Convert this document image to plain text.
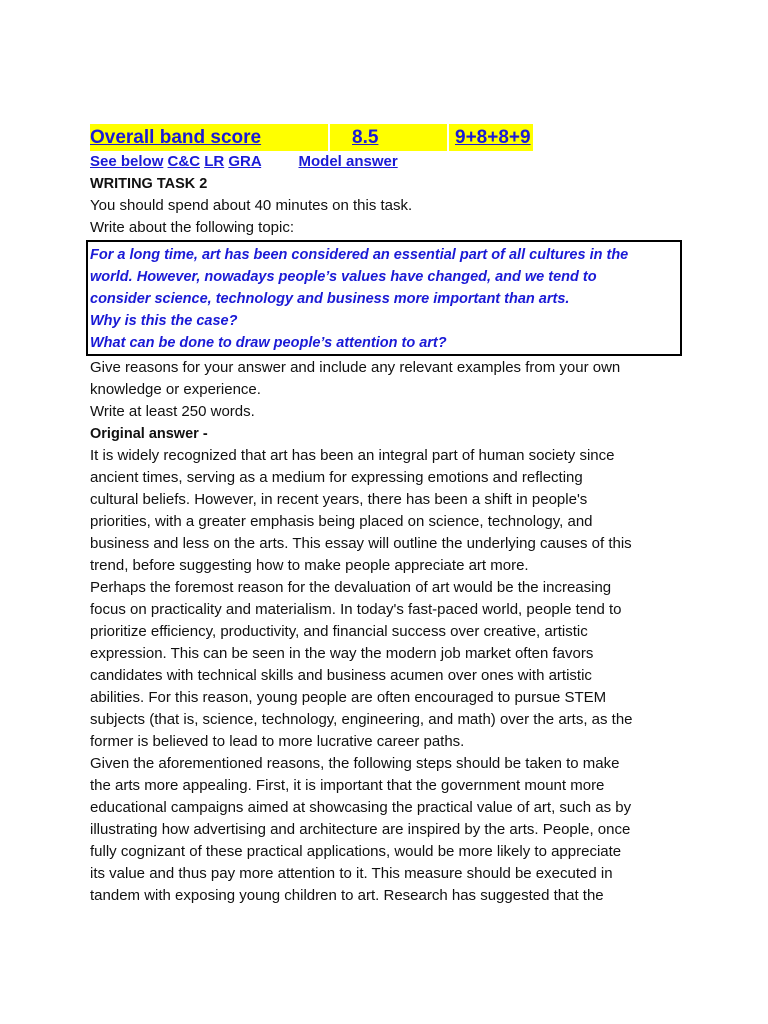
Overall band score	8.5	9+8+8+9
See below C&C LR GRA Model answer
WRITING TASK 2
You should spend about 40 minutes on this task.
Write about the following topic:
For a long time, art has been considered an essential part of all cultures in the
world. However, nowadays people’s values have changed, and we tend to
consider science, technology and business more important than arts.
Why is this the case?
What can be done to draw people’s attention to art?
Give reasons for your answer and include any relevant examples from your own
knowledge or experience.
Write at least 250 words.
Original answer -
It is widely recognized that art has been an integral part of human society since
ancient times, serving as a medium for expressing emotions and reflecting
cultural beliefs. However, in recent years, there has been a shift in people's
priorities, with a greater emphasis being placed on science, technology, and
business and less on the arts. This essay will outline the underlying causes of this
trend, before suggesting how to make people appreciate art more.
Perhaps the foremost reason for the devaluation of art would be the increasing
focus on practicality and materialism. In today's fast-paced world, people tend to
prioritize efficiency, productivity, and financial success over creative, artistic
expression. This can be seen in the way the modern job market often favors
candidates with technical skills and business acumen over ones with artistic
abilities. For this reason, young people are often encouraged to pursue STEM
subjects (that is, science, technology, engineering, and math) over the arts, as the
former is believed to lead to more lucrative career paths.
Given the aforementioned reasons, the following steps should be taken to make
the arts more appealing. First, it is important that the government mount more
educational campaigns aimed at showcasing the practical value of art, such as by
illustrating how advertising and architecture are inspired by the arts. People, once
fully cognizant of these practical applications, would be more likely to appreciate
its value and thus pay more attention to it. This measure should be executed in
tandem with exposing young children to art. Research has suggested that the
